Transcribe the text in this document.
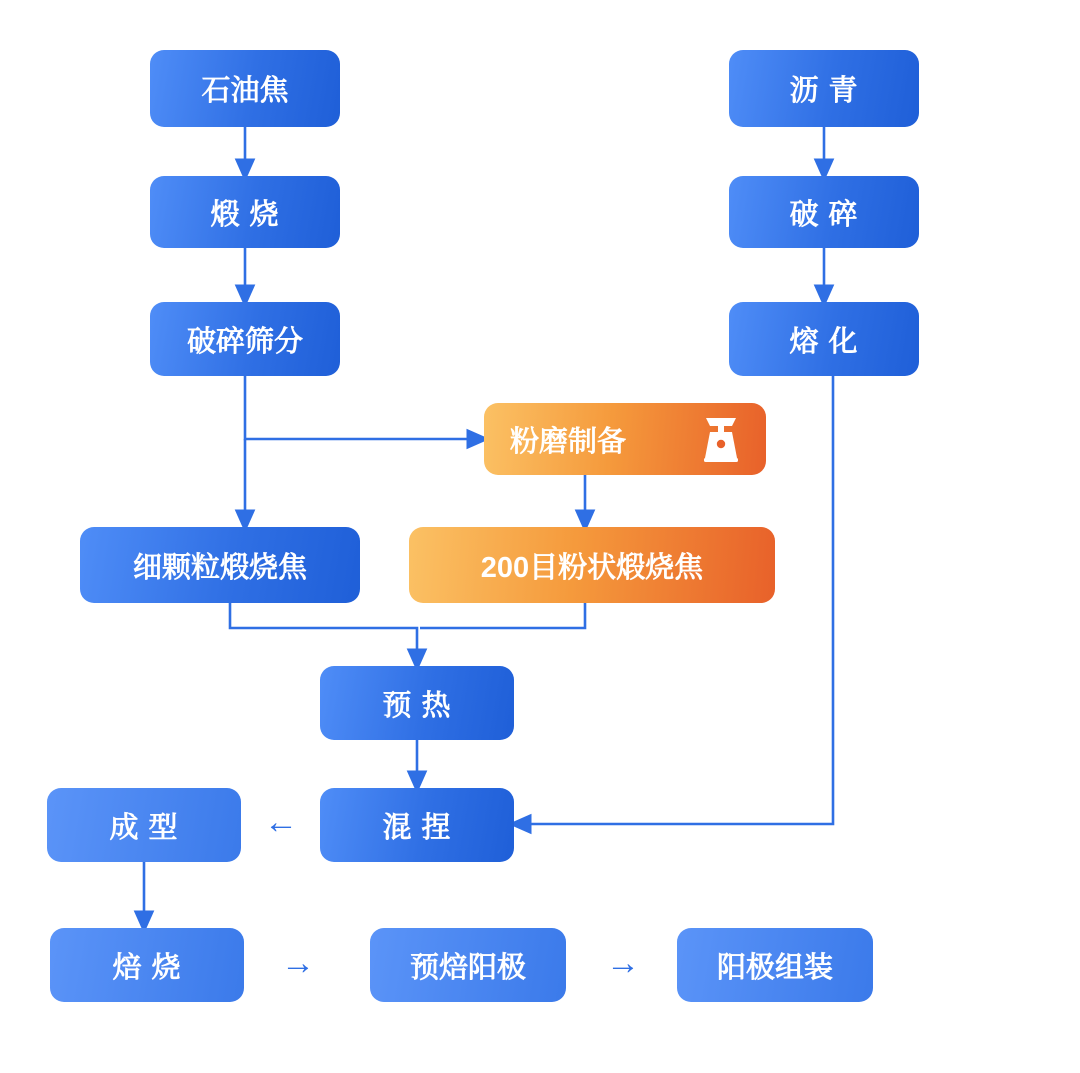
←
→	→
石油焦
煅 烧
破碎筛分
沥 青
破 碎
熔 化
粉磨制备
细颗粒煅烧焦	200目粉状煅烧焦
预 热
混 捏
成 型
焙 烧	预焙阳极	阳极组装
